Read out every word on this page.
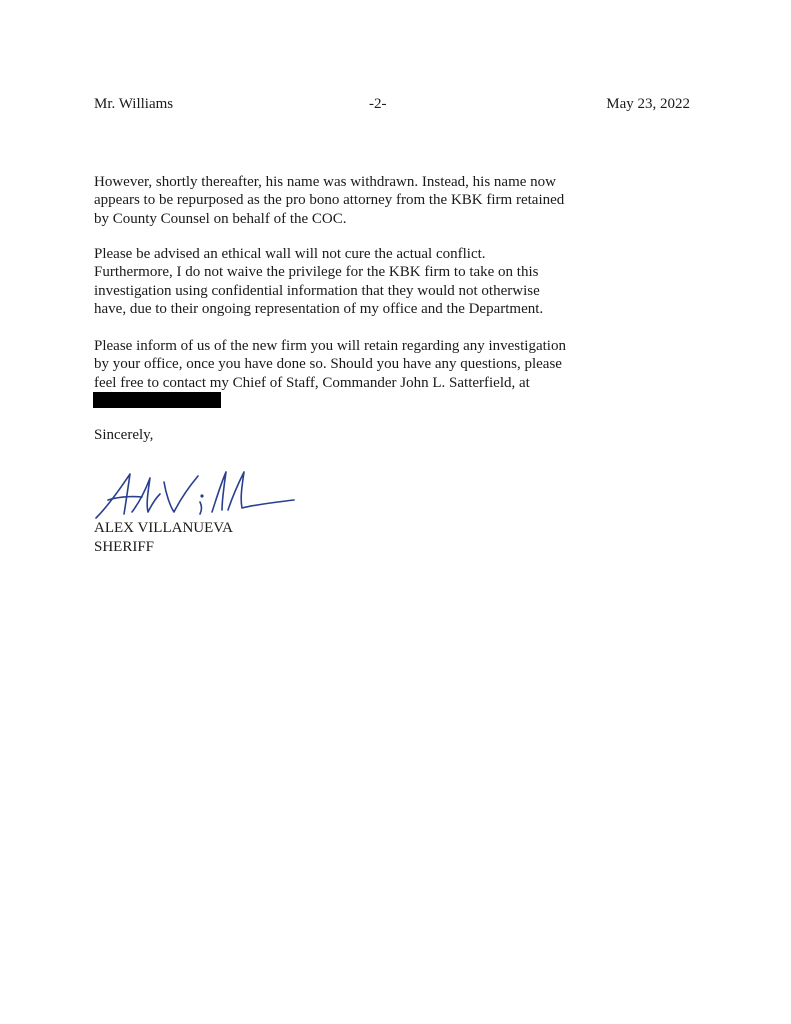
Mr. Williams	-2-	May 23, 2022

However, shortly thereafter, his name was withdrawn. Instead, his name now
appears to be repurposed as the pro bono attorney from the KBK firm retained
by County Counsel on behalf of the COC.

Please be advised an ethical wall will not cure the actual conflict.
Furthermore, I do not waive the privilege for the KBK firm to take on this
investigation using confidential information that they would not otherwise
have, due to their ongoing representation of my office and the Department.

Please inform of us of the new firm you will retain regarding any investigation
by your office, once you have done so. Should you have any questions, please
feel free to contact my Chief of Staff, Commander John L. Satterfield, at

Sincerely,

ALEX VILLANUEVA

SHERIFF
